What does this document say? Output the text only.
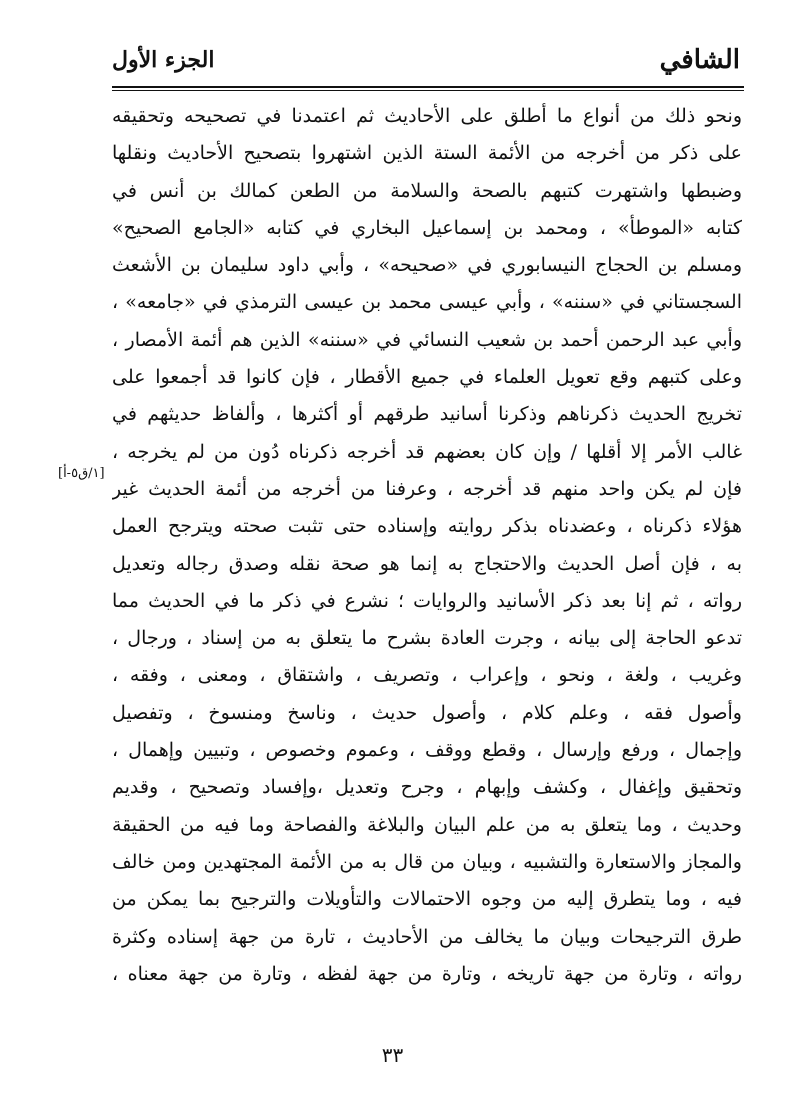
الشافي
الجزء الأول
[١/ق٥-أ]
ونحو ذلك من أنواع ما أطلق على الأحاديث ثم اعتمدنا في تصحيحه وتحقيقه
على ذكر من أخرجه من الأئمة الستة الذين اشتهروا بتصحيح الأحاديث ونقلها
وضبطها واشتهرت كتبهم بالصحة والسلامة من الطعن كمالك بن أنس في
كتابه «الموطأ» ، ومحمد بن إسماعيل البخاري في كتابه «الجامع الصحيح»
ومسلم بن الحجاج النيسابوري في «صحيحه» ، وأبي داود سليمان بن الأشعث
السجستاني في «سننه» ، وأبي عيسى محمد بن عيسى الترمذي في «جامعه» ،
وأبي عبد الرحمن أحمد بن شعيب النسائي في «سننه» الذين هم أئمة الأمصار ،
وعلى كتبهم وقع تعويل العلماء في جميع الأقطار ، فإن كانوا قد أجمعوا على
تخريج الحديث ذكرناهم وذكرنا أسانيد طرقهم أو أكثرها ، وألفاظ حديثهم في
غالب الأمر إلا أقلها / وإن كان بعضهم قد أخرجه ذكرناه دُون من لم يخرجه ،
فإن لم يكن واحد منهم قد أخرجه ، وعرفنا من أخرجه من أئمة الحديث غير
هؤلاء ذكرناه ، وعضدناه بذكر روايته وإسناده حتى تثبت صحته ويترجح العمل
به ، فإن أصل الحديث والاحتجاج به إنما هو صحة نقله وصدق رجاله وتعديل
رواته ، ثم إنا بعد ذكر الأسانيد والروايات ؛ نشرع في ذكر ما في الحديث مما
تدعو الحاجة إلى بيانه ، وجرت العادة بشرح ما يتعلق به من إسناد ، ورجال ،
وغريب ، ولغة ، ونحو ، وإعراب ، وتصريف ، واشتقاق ، ومعنى ، وفقه ،
وأصول فقه ، وعلم كلام ، وأصول حديث ، وناسخ ومنسوخ ، وتفصيل
وإجمال ، ورفع وإرسال ، وقطع ووقف ، وعموم وخصوص ، وتبيين وإهمال ،
وتحقيق وإغفال ، وكشف وإبهام ، وجرح وتعديل ،وإفساد وتصحيح ، وقديم
وحديث ، وما يتعلق به من علم البيان والبلاغة والفصاحة وما فيه من الحقيقة
والمجاز والاستعارة والتشبيه ، وبيان من قال به من الأئمة المجتهدين ومن خالف
فيه ، وما يتطرق إليه من وجوه الاحتمالات والتأويلات والترجيح بما يمكن من
طرق الترجيحات وبيان ما يخالف من الأحاديث ، تارة من جهة إسناده وكثرة
رواته ، وتارة من جهة تاريخه ، وتارة من جهة لفظه ، وتارة من جهة معناه ،
٣٣
